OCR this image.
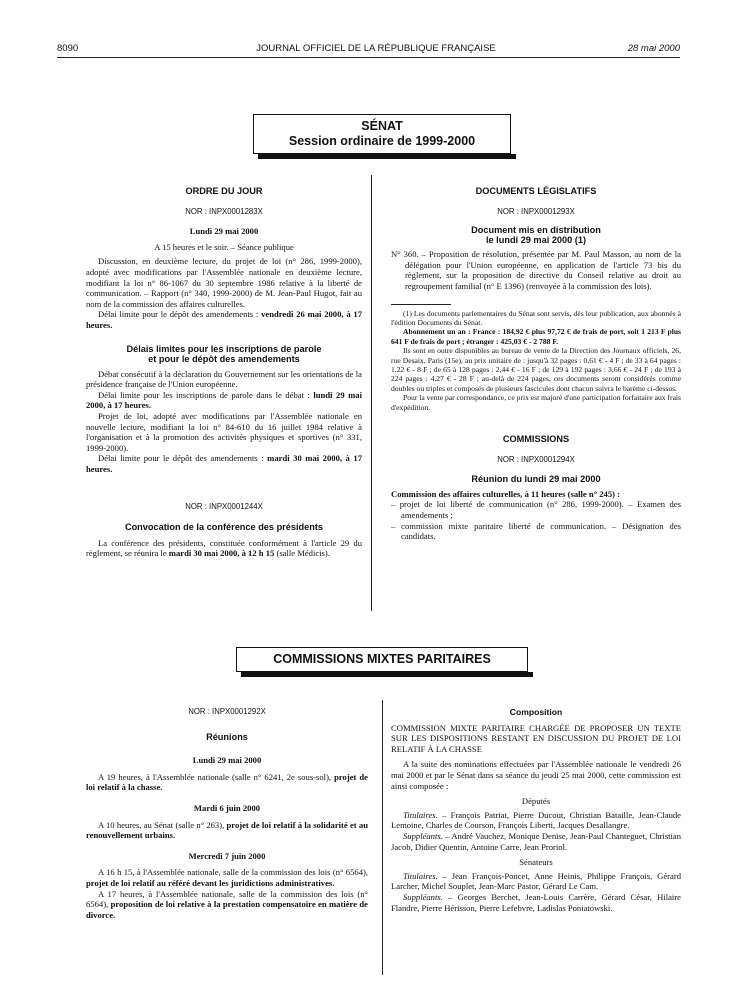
8090	JOURNAL OFFICIEL DE LA RÉPUBLIQUE FRANÇAISE	28 mai 2000
SÉNAT
Session ordinaire de 1999-2000
ORDRE DU JOUR
NOR : INPX0001283X
Lundi 29 mai 2000
A 15 heures et le soir. – Séance publique

Discussion, en deuxième lecture, du projet de loi (n° 286, 1999-2000), adopté avec modifications par l'Assemblée nationale en deuxième lecture, modifiant la loi n° 86-1067 du 30 septembre 1986 relative à la liberté de communication. – Rapport (n° 340, 1999-2000) de M. Jean-Paul Hugot, fait au nom de la commission des affaires culturelles.

Délai limite pour le dépôt des amendements : vendredi 26 mai 2000, à 17 heures.

Délais limites pour les inscriptions de parole
et pour le dépôt des amendements

Débat consécutif à la déclaration du Gouvernement sur les orientations de la présidence française de l'Union européenne.

Délai limite pour les inscriptions de parole dans le débat : lundi 29 mai 2000, à 17 heures.

Projet de loi, adopté avec modifications par l'Assemblée nationale en nouvelle lecture, modifiant la loi n° 84-610 du 16 juillet 1984 relative à l'organisation et à la promotion des activités physiques et sportives (n° 331, 1999-2000).

Délai limite pour le dépôt des amendements : mardi 30 mai 2000, à 17 heures.

NOR : INPX0001244X
Convocation de la conférence des présidents

La conférence des présidents, constituée conformément à l'article 29 du règlement, se réunira le mardi 30 mai 2000, à 12 h 15 (salle Médicis).

DOCUMENTS LÉGISLATIFS
NOR : INPX0001293X
Document mis en distribution
le lundi 29 mai 2000 (1)

N° 360. – Proposition de résolution, présentée par M. Paul Masson, au nom de la délégation pour l'Union européenne, en application de l'article 73 bis du règlement, sur la proposition de directive du Conseil relative au droit au regroupement familial (n° E 1396) (renvoyée à la commission des lois).

(1) Les documents parlementaires du Sénat sont servis, dès leur publication, aux abonnés à l'édition Documents du Sénat.

Abonnement un an : France : 184,92 € plus 97,72 € de frais de port, soit 1 213 F plus 641 F de frais de port ; étranger : 425,03 € - 2 788 F.

Ils sont en outre disponibles au bureau de vente de la Direction des Journaux officiels, 26, rue Desaix, Paris (15e), au prix unitaire de : jusqu'à 32 pages : 0,61 € - 4 F ; de 33 à 64 pages : 1,22 € - 8 F ; de 65 à 128 pages : 2,44 € - 16 F ; de 129 à 192 pages : 3,66 € - 24 F ; de 193 à 224 pages : 4,27 € - 28 F ; au-delà de 224 pages, ces documents seront considérés comme doubles ou triples et composés de plusieurs fascicules dont chacun suivra le barème ci-dessus.

Pour la vente par correspondance, ce prix est majoré d'une participation forfaitaire aux frais d'expédition.

COMMISSIONS
NOR : INPX0001294X
Réunion du lundi 29 mai 2000

Commission des affaires culturelles, à 11 heures (salle n° 245) :

– projet de loi liberté de communication (n° 286, 1999-2000). – Examen des amendements ;

– commission mixte paritaire liberté de communication. – Désignation des candidats.

COMMISSIONS MIXTES PARITAIRES
NOR : INPX0001292X
Réunions
Lundi 29 mai 2000

A 19 heures, à l'Assemblée nationale (salle n° 6241, 2e sous-sol), projet de loi relatif à la chasse.

Mardi 6 juin 2000

A 10 heures, au Sénat (salle n° 263), projet de loi relatif à la solidarité et au renouvellement urbains.

Mercredi 7 juin 2000

A 16 h 15, à l'Assemblée nationale, salle de la commission des lois (n° 6564), projet de loi relatif au référé devant les juridictions administratives.

A 17 heures, à l'Assemblée nationale, salle de la commission des lois (n° 6564), proposition de loi relative à la prestation compensatoire en matière de divorce.

Composition

COMMISSION MIXTE PARITAIRE CHARGÉE DE PROPOSER UN TEXTE SUR LES DISPOSITIONS RESTANT EN DISCUSSION DU PROJET DE LOI RELATIF À LA CHASSE

A la suite des nominations effectuées par l'Assemblée nationale le vendredi 26 mai 2000 et par le Sénat dans sa séance du jeudi 25 mai 2000, cette commission est ainsi composée :

Députés

Titulaires. – François Patriat, Pierre Ducout, Christian Bataille, Jean-Claude Lemoine, Charles de Courson, François Liberti, Jacques Desallangre.

Suppléants. – André Vauchez, Monique Denise, Jean-Paul Chanteguet, Christian Jacob, Didier Quentin, Antoine Carre, Jean Proriol.

Sénateurs

Titulaires. – Jean François-Poncet, Anne Heinis, Philippe François, Gérard Larcher, Michel Souplet, Jean-Marc Pastor, Gérard Le Cam.

Suppléants. – Georges Berchet, Jean-Louis Carrère, Gérard César, Hilaire Flandre, Pierre Hérisson, Pierre Lefebvre, Ladislas Poniatowski.
